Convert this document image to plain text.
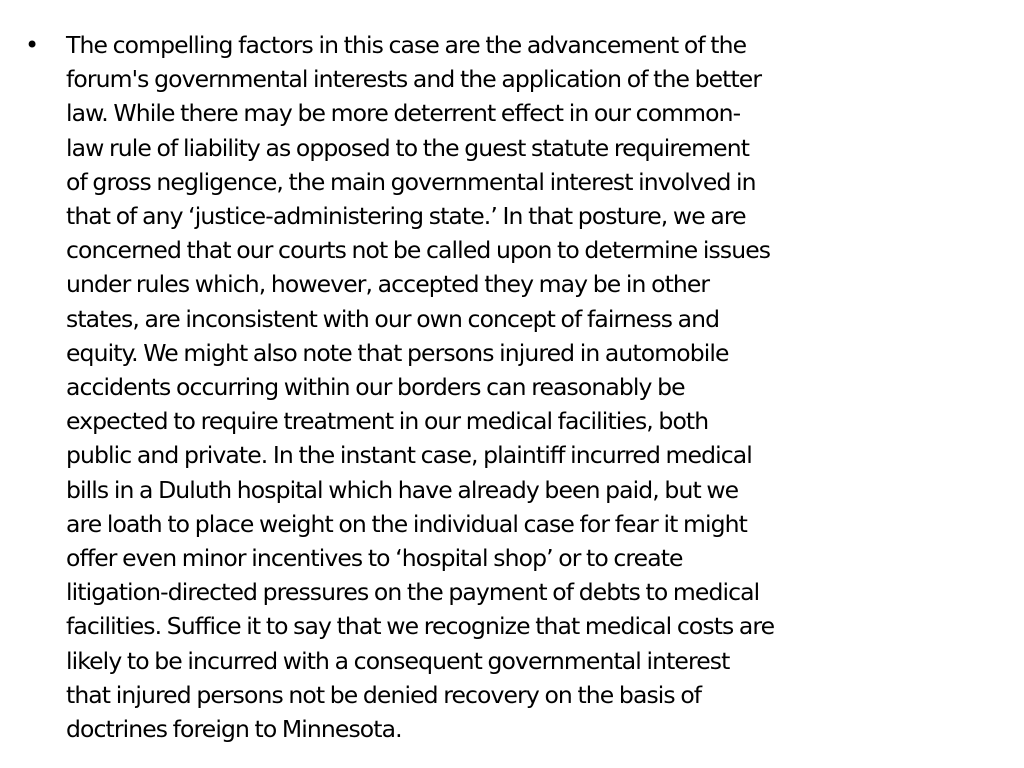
•	The compelling factors in this case are the advancement of the
forum's governmental interests and the application of the better
law. While there may be more deterrent effect in our common-
law rule of liability as opposed to the guest statute requirement
of gross negligence, the main governmental interest involved in
that of any ‘justice-administering state.’ In that posture, we are
concerned that our courts not be called upon to determine issues
under rules which, however, accepted they may be in other
states, are inconsistent with our own concept of fairness and
equity. We might also note that persons injured in automobile
accidents occurring within our borders can reasonably be
expected to require treatment in our medical facilities, both
public and private. In the instant case, plaintiff incurred medical
bills in a Duluth hospital which have already been paid, but we
are loath to place weight on the individual case for fear it might
offer even minor incentives to ‘hospital shop’ or to create
litigation-directed pressures on the payment of debts to medical
facilities. Suffice it to say that we recognize that medical costs are
likely to be incurred with a consequent governmental interest
that injured persons not be denied recovery on the basis of
doctrines foreign to Minnesota.
